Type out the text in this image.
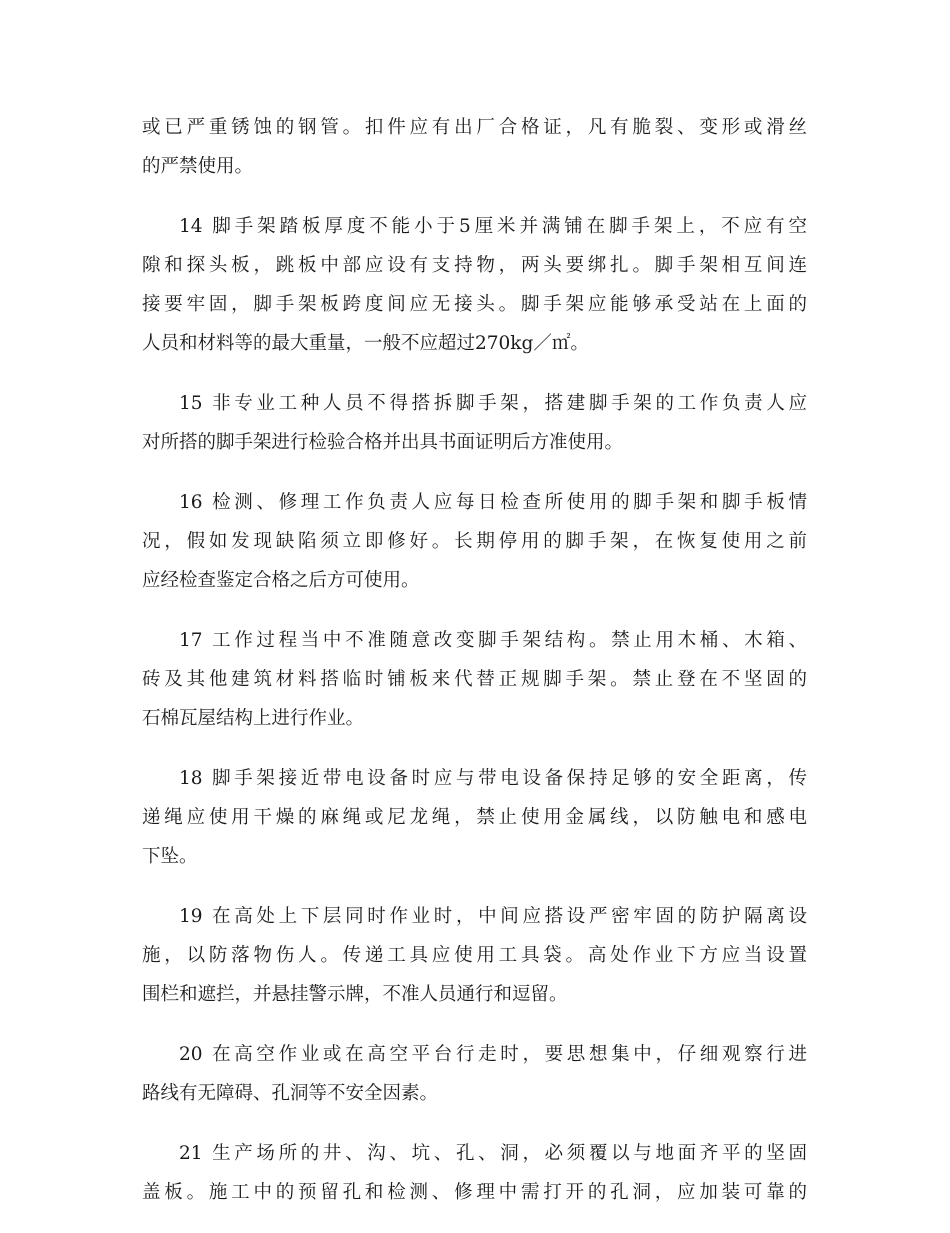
或已严重锈蚀的钢管。扣件应有出厂合格证，凡有脆裂、变形或滑丝
的严禁使用。

14 脚手架踏板厚度不能小于5厘米并满铺在脚手架上，不应有空
隙和探头板，跳板中部应设有支持物，两头要绑扎。脚手架相互间连
接要牢固，脚手架板跨度间应无接头。脚手架应能够承受站在上面的
人员和材料等的最大重量，一般不应超过270kg／㎡。

15 非专业工种人员不得搭拆脚手架，搭建脚手架的工作负责人应
对所搭的脚手架进行检验合格并出具书面证明后方准使用。

16 检测、修理工作负责人应每日检查所使用的脚手架和脚手板情
况，假如发现缺陷须立即修好。长期停用的脚手架，在恢复使用之前
应经检查鉴定合格之后方可使用。

17 工作过程当中不准随意改变脚手架结构。禁止用木桶、木箱、
砖及其他建筑材料搭临时铺板来代替正规脚手架。禁止登在不坚固的
石棉瓦屋结构上进行作业。

18 脚手架接近带电设备时应与带电设备保持足够的安全距离，传
递绳应使用干燥的麻绳或尼龙绳，禁止使用金属线，以防触电和感电
下坠。

19 在高处上下层同时作业时，中间应搭设严密牢固的防护隔离设
施，以防落物伤人。传递工具应使用工具袋。高处作业下方应当设置
围栏和遮拦，并悬挂警示牌，不准人员通行和逗留。

20 在高空作业或在高空平台行走时，要思想集中，仔细观察行进
路线有无障碍、孔洞等不安全因素。

21 生产场所的井、沟、坑、孔、洞，必须覆以与地面齐平的坚固
盖板。施工中的预留孔和检测、修理中需打开的孔洞，应加装可靠的
